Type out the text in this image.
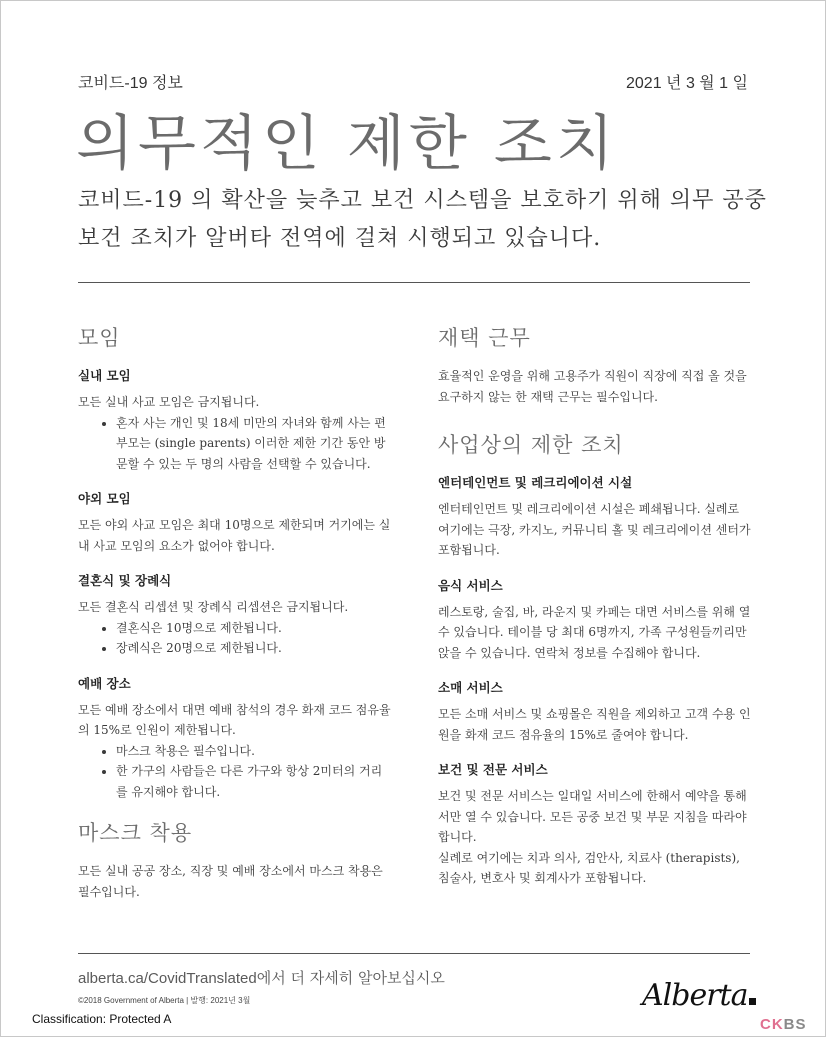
코비드-19 정보	2021 년 3 월 1 일
의무적인 제한 조치
코비드-19 의 확산을 늦추고 보건 시스템을 보호하기 위해 의무 공중 보건 조치가 알버타 전역에 걸쳐 시행되고 있습니다.
모임
실내 모임

모든 실내 사교 모임은 금지됩니다.

• 혼자 사는 개인 및 18세 미만의 자녀와 함께 사는 편부모는 (single parents) 이러한 제한 기간 동안 방문할 수 있는 두 명의 사람을 선택할 수 있습니다.
야외 모임

모든 야외 사교 모임은 최대 10명으로 제한되며 거기에는 실내 사교 모임의 요소가 없어야 합니다.

결혼식 및 장례식

모든 결혼식 리셉션 및 장례식 리셉션은 금지됩니다.

• 결혼식은 10명으로 제한됩니다.
• 장례식은 20명으로 제한됩니다.
예배 장소

모든 예배 장소에서 대면 예배 참석의 경우 화재 코드 점유율의 15%로 인원이 제한됩니다.

• 마스크 착용은 필수입니다.
• 한 가구의 사람들은 다른 가구와 항상 2미터의 거리를 유지해야 합니다.
마스크 착용

모든 실내 공공 장소, 직장 및 예배 장소에서 마스크 착용은 필수입니다.

재택 근무

효율적인 운영을 위해 고용주가 직원이 직장에 직접 올 것을 요구하지 않는 한 재택 근무는 필수입니다.

사업상의 제한 조치
엔터테인먼트 및 레크리에이션 시설

엔터테인먼트 및 레크리에이션 시설은 폐쇄됩니다. 실례로 여기에는 극장, 카지노, 커뮤니티 홀 및 레크리에이션 센터가 포함됩니다.

음식 서비스

레스토랑, 술집, 바, 라운지 및 카페는 대면 서비스를 위해 열 수 있습니다. 테이블 당 최대 6명까지, 가족 구성원들끼리만 앉을 수 있습니다. 연락처 정보를 수집해야 합니다.

소매 서비스

모든 소매 서비스 및 쇼핑몰은 직원을 제외하고 고객 수용 인원을 화재 코드 점유율의 15%로 줄여야 합니다.

보건 및 전문 서비스

보건 및 전문 서비스는 일대일 서비스에 한해서 예약을 통해서만 열 수 있습니다. 모든 공중 보건 및 부문 지침을 따라야 합니다.

실례로 여기에는 치과 의사, 검안사, 치료사 (therapists), 침술사, 변호사 및 회계사가 포함됩니다.

alberta.ca/CovidTranslated에서 더 자세히 알아보십시오
©2018 Government of Alberta | 발행: 2021년 3월
Classification: Protected A
Alberta
CKBS
